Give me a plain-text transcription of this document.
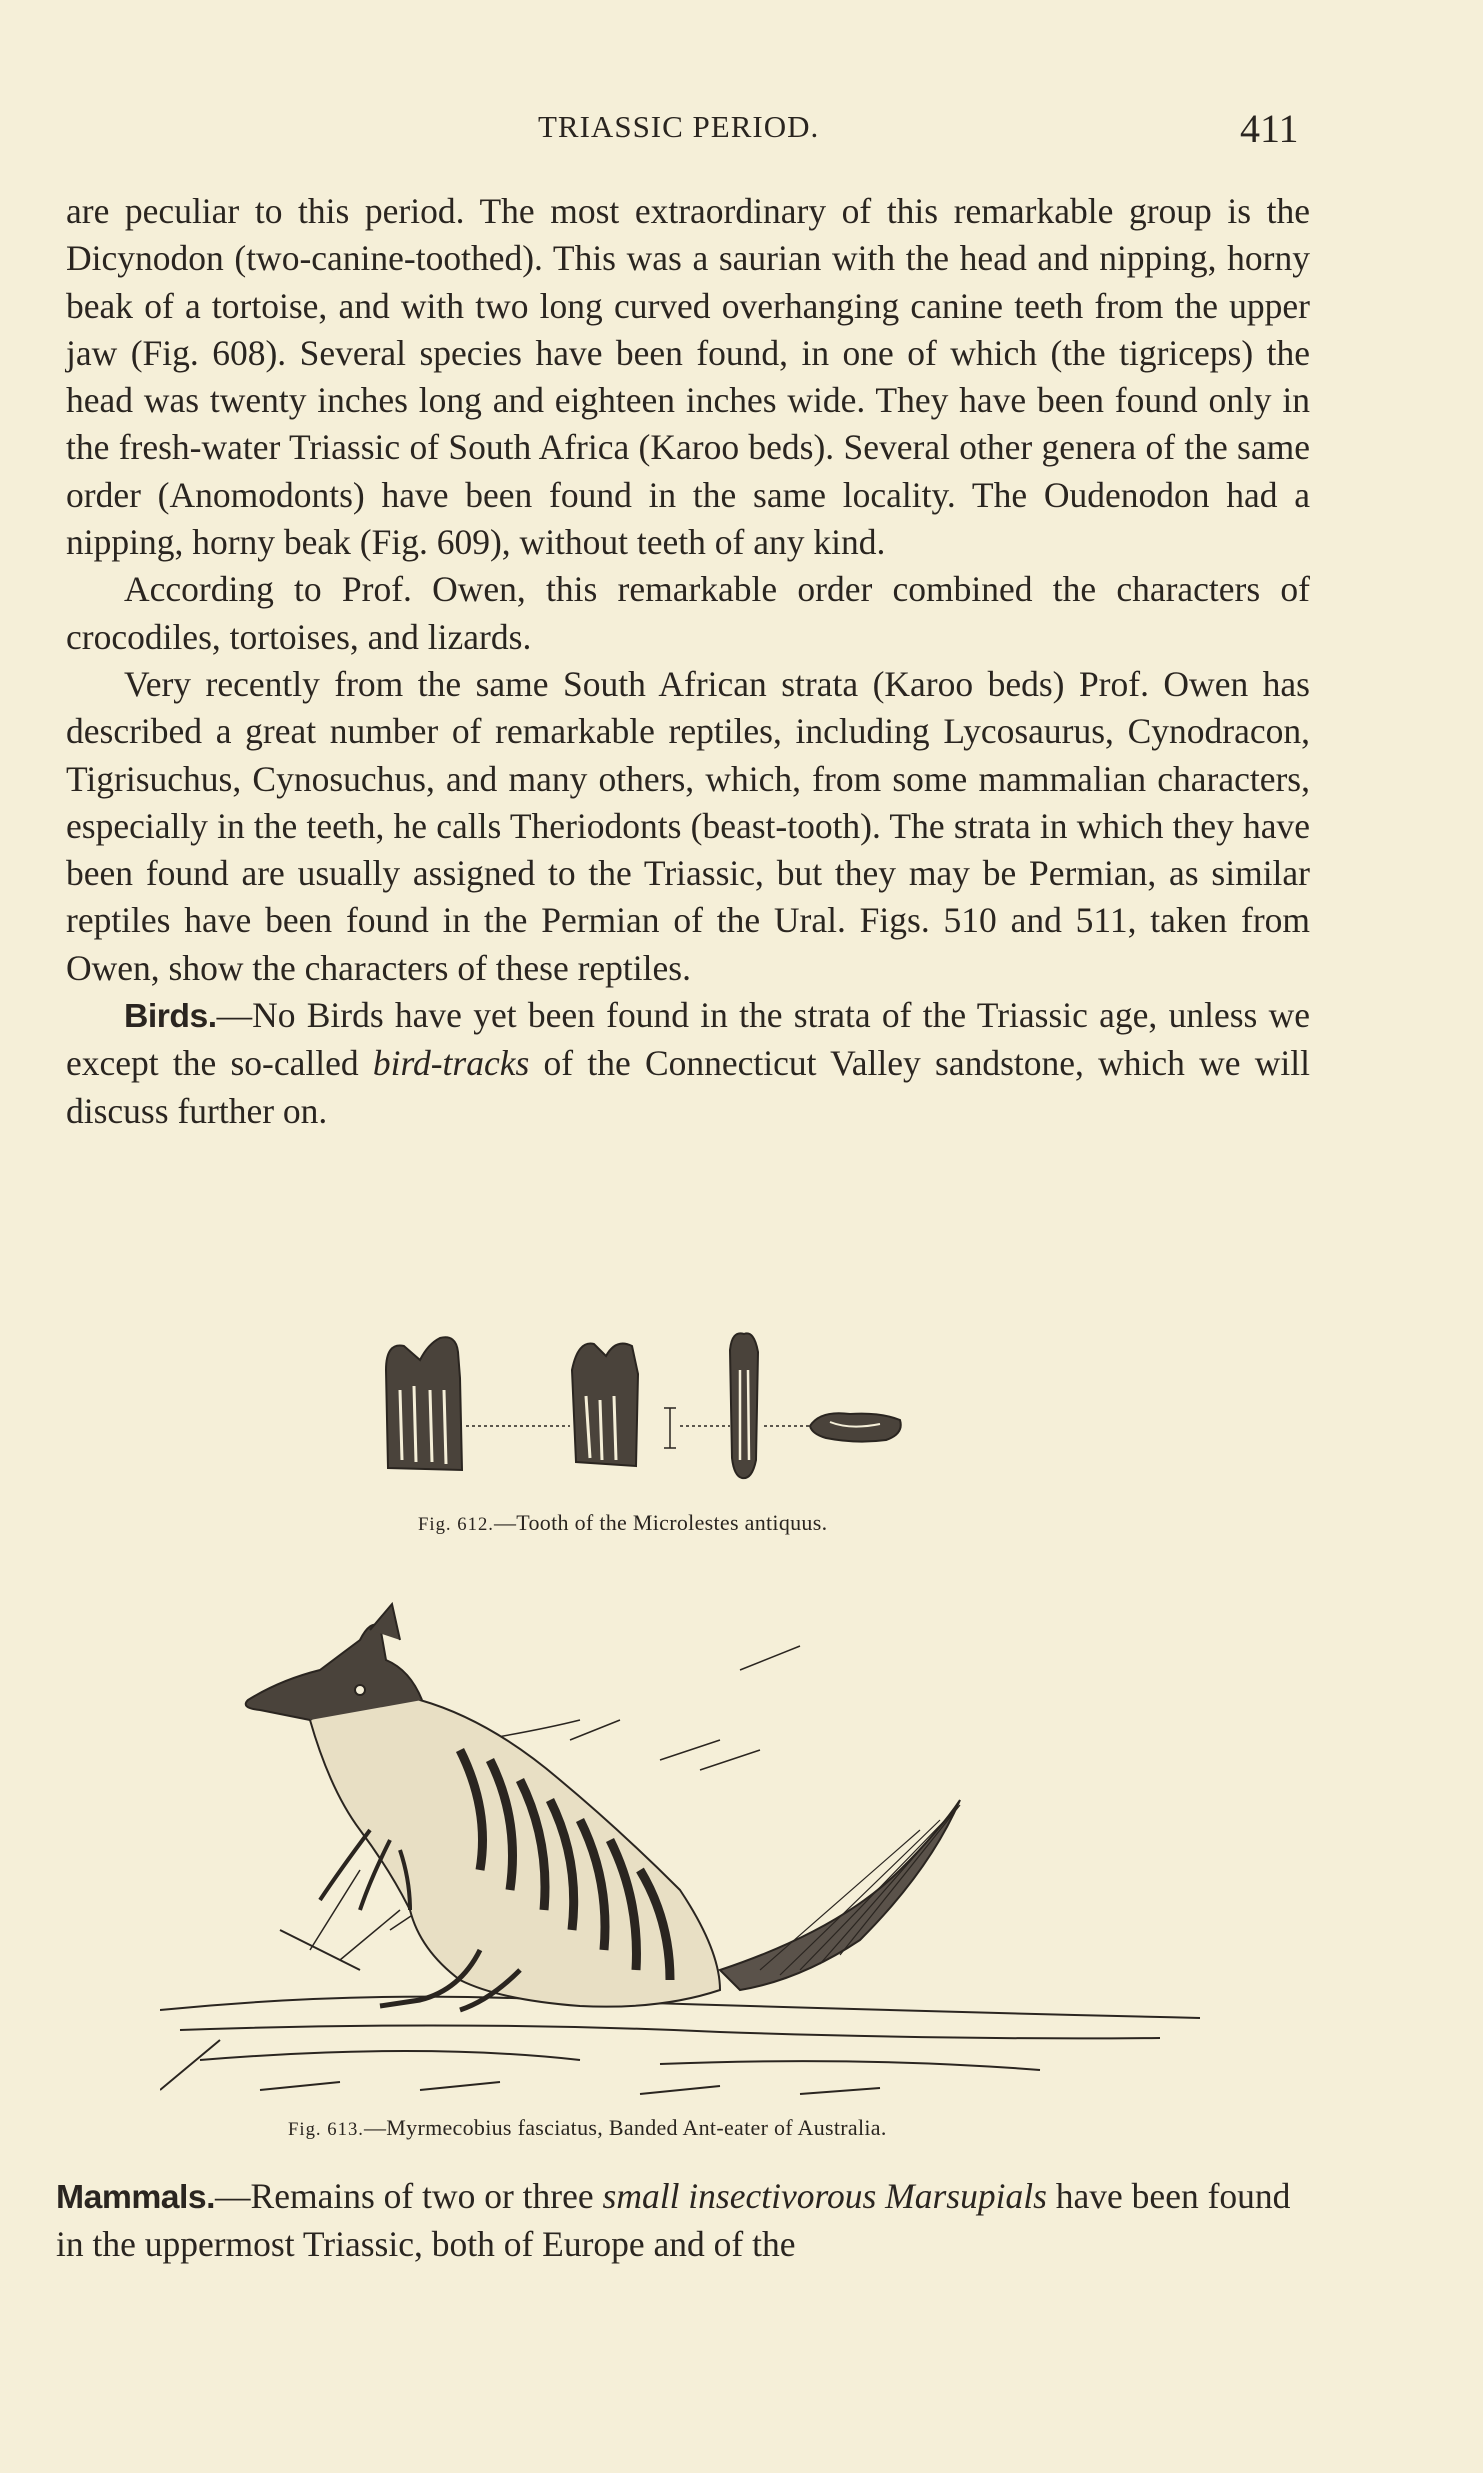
TRIASSIC PERIOD.	411

are peculiar to this period. The most extraordinary of this remarkable group is the Dicynodon (two-canine-toothed). This was a saurian with the head and nipping, horny beak of a tortoise, and with two long curved overhanging canine teeth from the upper jaw (Fig. 608). Several species have been found, in one of which (the tigriceps) the head was twenty inches long and eighteen inches wide. They have been found only in the fresh-water Triassic of South Africa (Karoo beds). Several other genera of the same order (Anomodonts) have been found in the same locality. The Oudenodon had a nipping, horny beak (Fig. 609), without teeth of any kind.

According to Prof. Owen, this remarkable order combined the characters of crocodiles, tortoises, and lizards.

Very recently from the same South African strata (Karoo beds) Prof. Owen has described a great number of remarkable reptiles, including Lycosaurus, Cynodracon, Tigrisuchus, Cynosuchus, and many others, which, from some mammalian characters, especially in the teeth, he calls Theriodonts (beast-tooth). The strata in which they have been found are usually assigned to the Triassic, but they may be Permian, as similar reptiles have been found in the Permian of the Ural. Figs. 510 and 511, taken from Owen, show the characters of these reptiles.

Birds.—No Birds have yet been found in the strata of the Triassic age, unless we except the so-called bird-tracks of the Connecticut Valley sandstone, which we will discuss further on.

Fig. 612.—Tooth of the Microlestes antiquus.
Fig. 613.—Myrmecobius fasciatus, Banded Ant-eater of Australia.

Mammals.—Remains of two or three small insectivorous Marsupials have been found in the uppermost Triassic, both of Europe and of the
